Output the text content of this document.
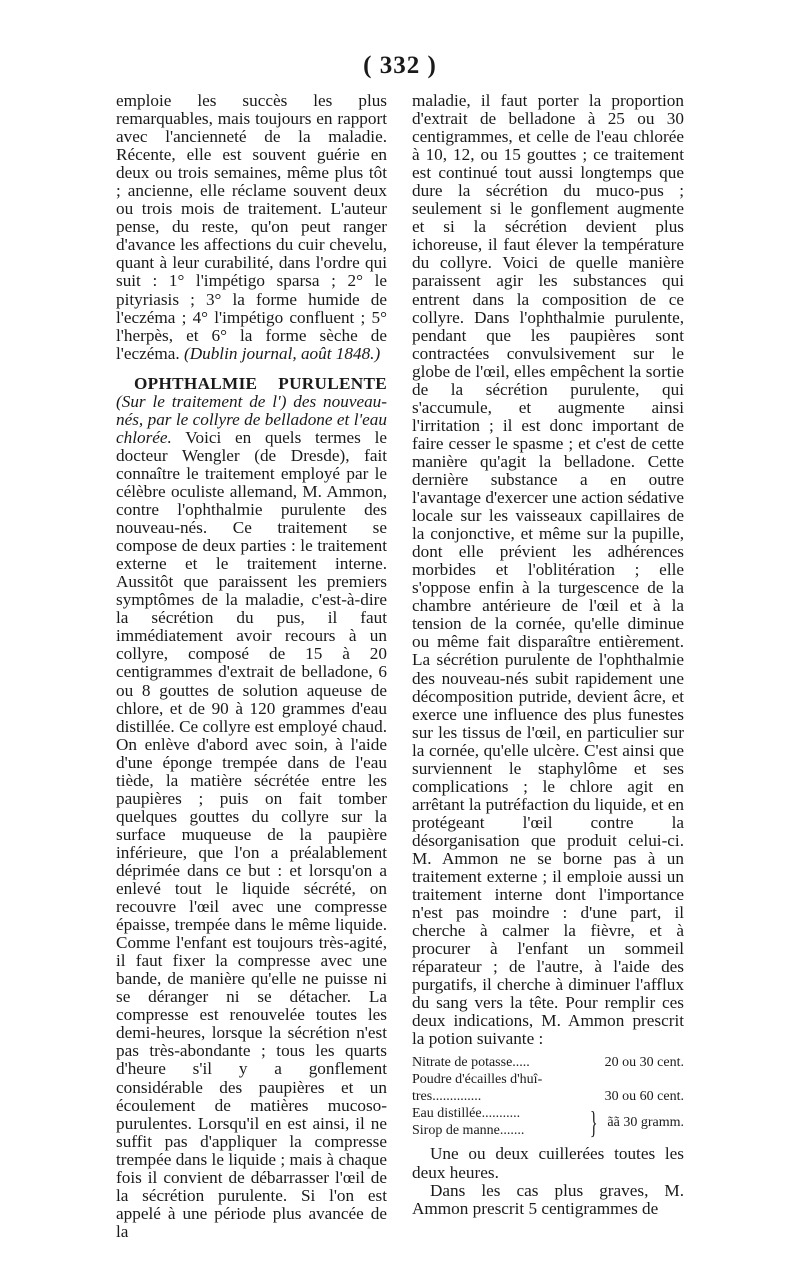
( 332 )

emploie les succès les plus remarquables, mais toujours en rapport avec l'ancienneté de la maladie. Récente, elle est souvent guérie en deux ou trois semaines, même plus tôt ; ancienne, elle réclame souvent deux ou trois mois de traitement. L'auteur pense, du reste, qu'on peut ranger d'avance les affections du cuir chevelu, quant à leur curabilité, dans l'ordre qui suit : 1° l'impétigo sparsa ; 2° le pityriasis ; 3° la forme humide de l'eczéma ; 4° l'impétigo confluent ; 5° l'herpès, et 6° la forme sèche de l'eczéma. (Dublin journal, août 1848.)

OPHTHALMIE PURULENTE (Sur le traitement de l') des nouveau-nés, par le collyre de belladone et l'eau chlorée. Voici en quels termes le docteur Wengler (de Dresde), fait connaître le traitement employé par le célèbre oculiste allemand, M. Ammon, contre l'ophthalmie purulente des nouveau-nés. Ce traitement se compose de deux parties : le traitement externe et le traitement interne. Aussitôt que paraissent les premiers symptômes de la maladie, c'est-à-dire la sécrétion du pus, il faut immédiatement avoir recours à un collyre, composé de 15 à 20 centigrammes d'extrait de belladone, 6 ou 8 gouttes de solution aqueuse de chlore, et de 90 à 120 grammes d'eau distillée. Ce collyre est employé chaud. On enlève d'abord avec soin, à l'aide d'une éponge trempée dans de l'eau tiède, la matière sécrétée entre les paupières ; puis on fait tomber quelques gouttes du collyre sur la surface muqueuse de la paupière inférieure, que l'on a préalablement déprimée dans ce but : et lorsqu'on a enlevé tout le liquide sécrété, on recouvre l'œil avec une compresse épaisse, trempée dans le même liquide. Comme l'enfant est toujours très-agité, il faut fixer la compresse avec une bande, de manière qu'elle ne puisse ni se déranger ni se détacher. La compresse est renouvelée toutes les demi-heures, lorsque la sécrétion n'est pas très-abondante ; tous les quarts d'heure s'il y a gonflement considérable des paupières et un écoulement de matières mucoso-purulentes. Lorsqu'il en est ainsi, il ne suffit pas d'appliquer la compresse trempée dans le liquide ; mais à chaque fois il convient de débarrasser l'œil de la sécrétion purulente. Si l'on est appelé à une période plus avancée de la

maladie, il faut porter la proportion d'extrait de belladone à 25 ou 30 centigrammes, et celle de l'eau chlorée à 10, 12, ou 15 gouttes ; ce traitement est continué tout aussi longtemps que dure la sécrétion du muco-pus ; seulement si le gonflement augmente et si la sécrétion devient plus ichoreuse, il faut élever la température du collyre. Voici de quelle manière paraissent agir les substances qui entrent dans la composition de ce collyre. Dans l'ophthalmie purulente, pendant que les paupières sont contractées convulsivement sur le globe de l'œil, elles empêchent la sortie de la sécrétion purulente, qui s'accumule, et augmente ainsi l'irritation ; il est donc important de faire cesser le spasme ; et c'est de cette manière qu'agit la belladone. Cette dernière substance a en outre l'avantage d'exercer une action sédative locale sur les vaisseaux capillaires de la conjonctive, et même sur la pupille, dont elle prévient les adhérences morbides et l'oblitération ; elle s'oppose enfin à la turgescence de la chambre antérieure de l'œil et à la tension de la cornée, qu'elle diminue ou même fait disparaître entièrement. La sécrétion purulente de l'ophthalmie des nouveau-nés subit rapidement une décomposition putride, devient âcre, et exerce une influence des plus funestes sur les tissus de l'œil, en particulier sur la cornée, qu'elle ulcère. C'est ainsi que surviennent le staphylôme et ses complications ; le chlore agit en arrêtant la putréfaction du liquide, et en protégeant l'œil contre la désorganisation que produit celui-ci. M. Ammon ne se borne pas à un traitement externe ; il emploie aussi un traitement interne dont l'importance n'est pas moindre : d'une part, il cherche à calmer la fièvre, et à procurer à l'enfant un sommeil réparateur ; de l'autre, à l'aide des purgatifs, il cherche à diminuer l'afflux du sang vers la tête. Pour remplir ces deux indications, M. Ammon prescrit la potion suivante :

Nitrate de potasse.....	20 ou 30 cent.
Poudre d'écailles d'huî-
tres..............	30 ou 60 cent.
Eau distillée...........
Sirop de manne.......	} ãã 30 gramm.

Une ou deux cuillerées toutes les deux heures.

Dans les cas plus graves, M. Ammon prescrit 5 centigrammes de
